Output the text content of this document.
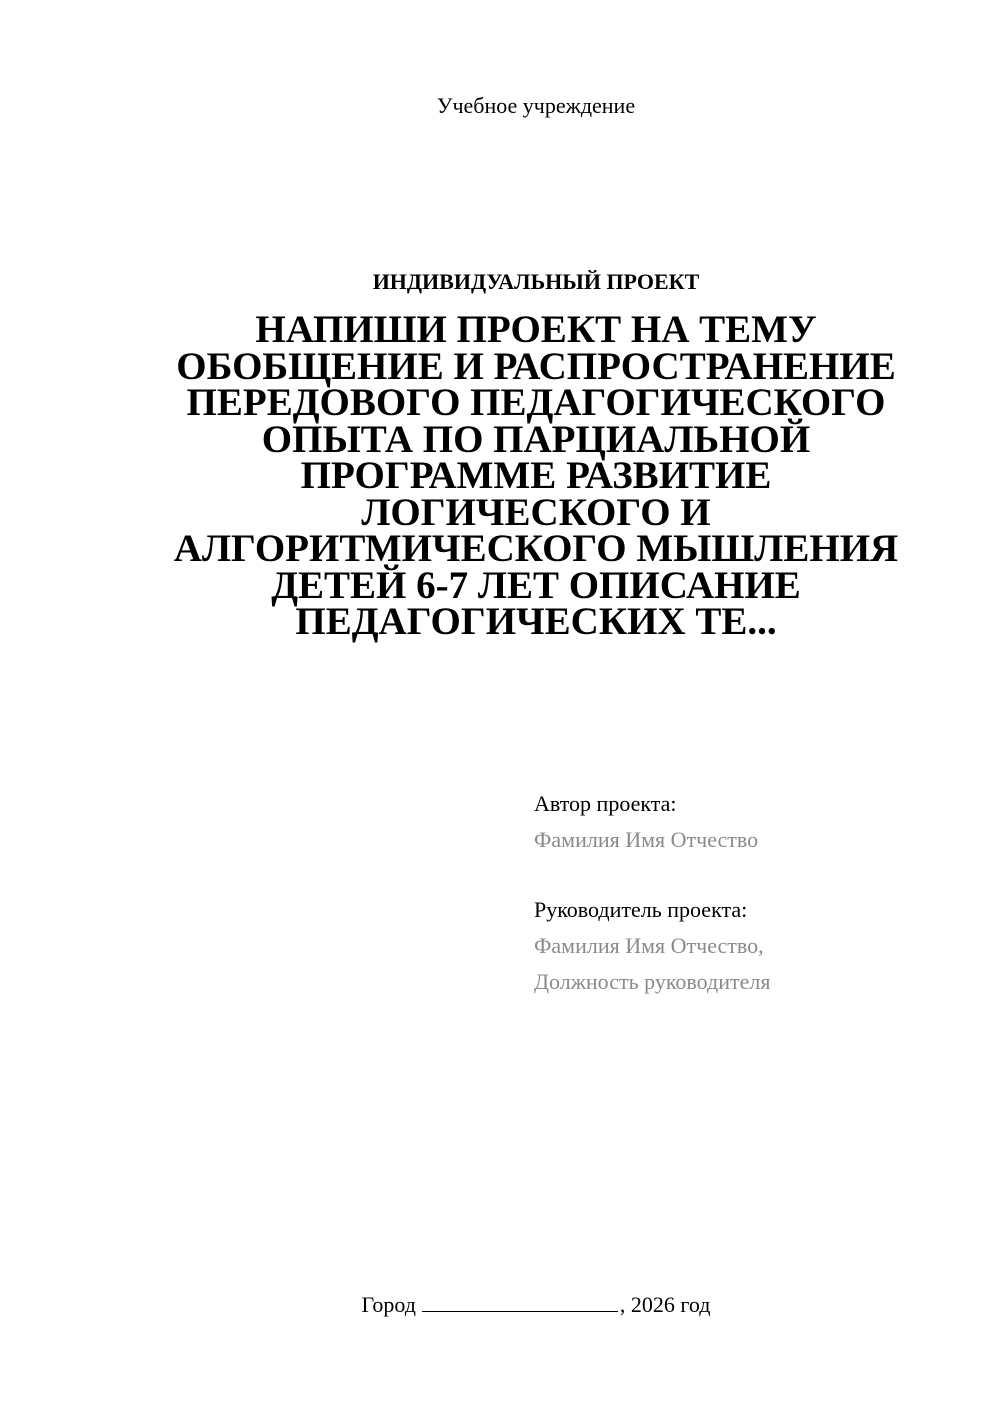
Учебное учреждение
ИНДИВИДУАЛЬНЫЙ ПРОЕКТ
НАПИШИ ПРОЕКТ НА ТЕМУ
ОБОБЩЕНИЕ И РАСПРОСТРАНЕНИЕ
ПЕРЕДОВОГО ПЕДАГОГИЧЕСКОГО
ОПЫТА ПО ПАРЦИАЛЬНОЙ
ПРОГРАММЕ РАЗВИТИЕ
ЛОГИЧЕСКОГО И
АЛГОРИТМИЧЕСКОГО МЫШЛЕНИЯ
ДЕТЕЙ 6-7 ЛЕТ ОПИСАНИЕ
ПЕДАГОГИЧЕСКИХ ТЕ...
Автор проекта:
Фамилия Имя Отчество
Руководитель проекта:
Фамилия Имя Отчество,
Должность руководителя
Город	, 2026 год
